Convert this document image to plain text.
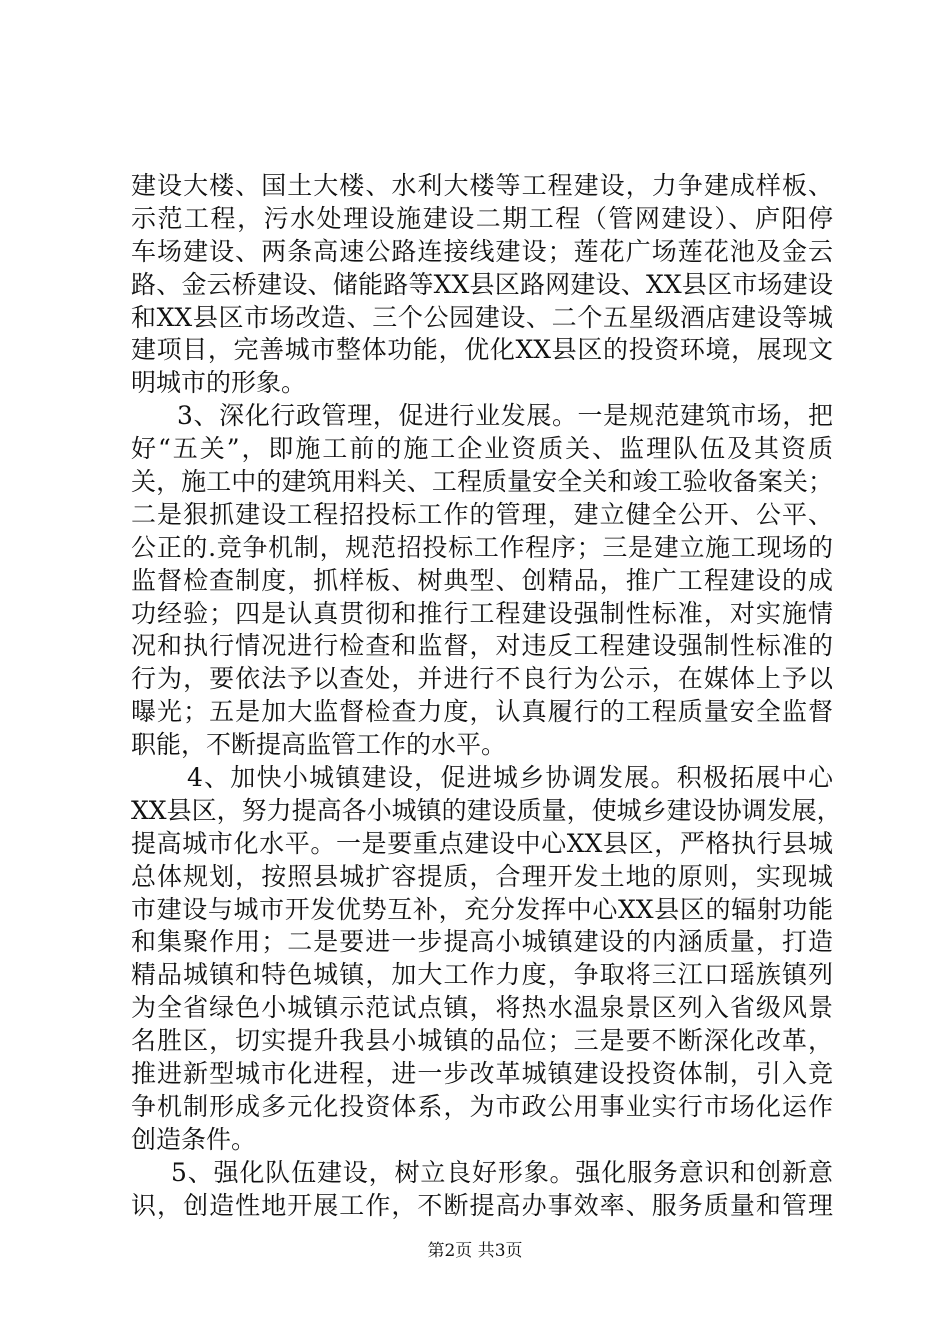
建设大楼、国土大楼、水利大楼等工程建设，力争建成样板、
示范工程，污水处理设施建设二期工程（管网建设）、庐阳停
车场建设、两条高速公路连接线建设；莲花广场莲花池及金云
路、金云桥建设、储能路等XX县区路网建设、XX县区市场建设
和XX县区市场改造、三个公园建设、二个五星级酒店建设等城
建项目，完善城市整体功能，优化XX县区的投资环境，展现文
明城市的形象。
3、深化行政管理，促进行业发展。一是规范建筑市场，把
好“五关”，即施工前的施工企业资质关、监理队伍及其资质
关，施工中的建筑用料关、工程质量安全关和竣工验收备案关；
二是狠抓建设工程招投标工作的管理，建立健全公开、公平、
公正的.竞争机制，规范招投标工作程序；三是建立施工现场的
监督检查制度，抓样板、树典型、创精品，推广工程建设的成
功经验；四是认真贯彻和推行工程建设强制性标准，对实施情
况和执行情况进行检查和监督，对违反工程建设强制性标准的
行为，要依法予以查处，并进行不良行为公示，在媒体上予以
曝光；五是加大监督检查力度，认真履行的工程质量安全监督
职能，不断提高监管工作的水平。
4、加快小城镇建设，促进城乡协调发展。积极拓展中心
XX县区，努力提高各小城镇的建设质量，使城乡建设协调发展，
提高城市化水平。一是要重点建设中心XX县区，严格执行县城
总体规划，按照县城扩容提质，合理开发土地的原则，实现城
市建设与城市开发优势互补，充分发挥中心XX县区的辐射功能
和集聚作用；二是要进一步提高小城镇建设的内涵质量，打造
精品城镇和特色城镇，加大工作力度，争取将三江口瑶族镇列
为全省绿色小城镇示范试点镇，将热水温泉景区列入省级风景
名胜区，切实提升我县小城镇的品位；三是要不断深化改革，
推进新型城市化进程，进一步改革城镇建设投资体制，引入竞
争机制形成多元化投资体系，为市政公用事业实行市场化运作
创造条件。
5、强化队伍建设，树立良好形象。强化服务意识和创新意
识，创造性地开展工作，不断提高办事效率、服务质量和管理
第2页 共3页
